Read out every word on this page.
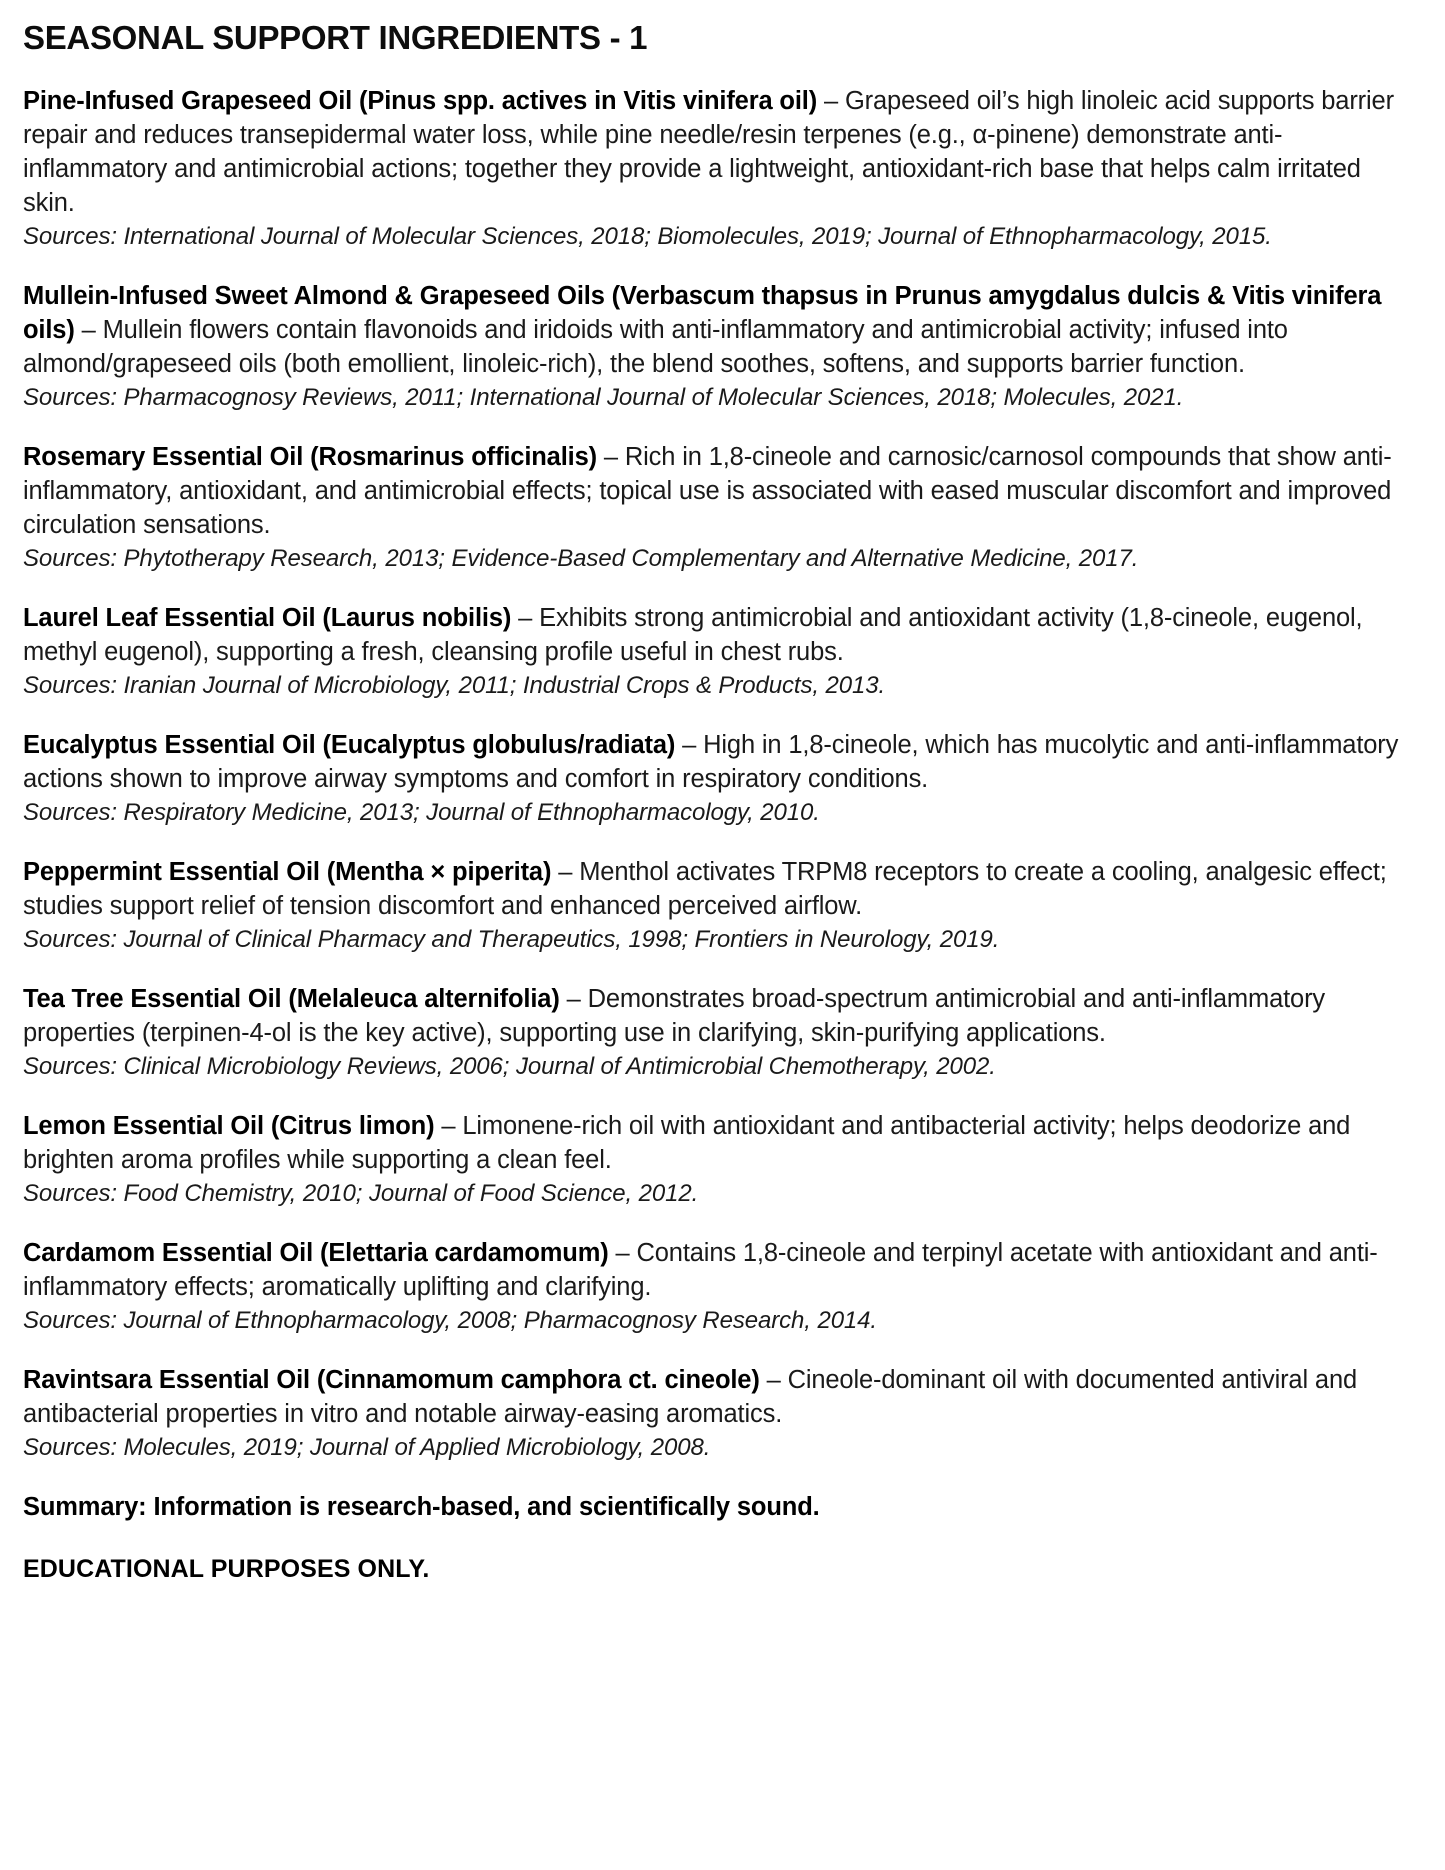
SEASONAL SUPPORT INGREDIENTS - 1

Pine-Infused Grapeseed Oil (Pinus spp. actives in Vitis vinifera oil) – Grapeseed oil’s high linoleic acid supports barrier repair and reduces transepidermal water loss, while pine needle/resin terpenes (e.g., α-pinene) demonstrate anti-inflammatory and antimicrobial actions; together they provide a lightweight, antioxidant-rich base that helps calm irritated skin.

Sources: International Journal of Molecular Sciences, 2018; Biomolecules, 2019; Journal of Ethnopharmacology, 2015.

Mullein-Infused Sweet Almond & Grapeseed Oils (Verbascum thapsus in Prunus amygdalus dulcis & Vitis vinifera oils) – Mullein flowers contain flavonoids and iridoids with anti-inflammatory and antimicrobial activity; infused into almond/grapeseed oils (both emollient, linoleic-rich), the blend soothes, softens, and supports barrier function.

Sources: Pharmacognosy Reviews, 2011; International Journal of Molecular Sciences, 2018; Molecules, 2021.

Rosemary Essential Oil (Rosmarinus officinalis) – Rich in 1,8-cineole and carnosic/carnosol compounds that show anti-inflammatory, antioxidant, and antimicrobial effects; topical use is associated with eased muscular discomfort and improved circulation sensations.

Sources: Phytotherapy Research, 2013; Evidence-Based Complementary and Alternative Medicine, 2017.

Laurel Leaf Essential Oil (Laurus nobilis) – Exhibits strong antimicrobial and antioxidant activity (1,8-cineole, eugenol, methyl eugenol), supporting a fresh, cleansing profile useful in chest rubs.

Sources: Iranian Journal of Microbiology, 2011; Industrial Crops & Products, 2013.

Eucalyptus Essential Oil (Eucalyptus globulus/radiata) – High in 1,8-cineole, which has mucolytic and anti-inflammatory actions shown to improve airway symptoms and comfort in respiratory conditions.

Sources: Respiratory Medicine, 2013; Journal of Ethnopharmacology, 2010.

Peppermint Essential Oil (Mentha × piperita) – Menthol activates TRPM8 receptors to create a cooling, analgesic effect; studies support relief of tension discomfort and enhanced perceived airflow.

Sources: Journal of Clinical Pharmacy and Therapeutics, 1998; Frontiers in Neurology, 2019.

Tea Tree Essential Oil (Melaleuca alternifolia) – Demonstrates broad-spectrum antimicrobial and anti-inflammatory properties (terpinen-4-ol is the key active), supporting use in clarifying, skin-purifying applications.

Sources: Clinical Microbiology Reviews, 2006; Journal of Antimicrobial Chemotherapy, 2002.

Lemon Essential Oil (Citrus limon) – Limonene-rich oil with antioxidant and antibacterial activity; helps deodorize and brighten aroma profiles while supporting a clean feel.

Sources: Food Chemistry, 2010; Journal of Food Science, 2012.

Cardamom Essential Oil (Elettaria cardamomum) – Contains 1,8-cineole and terpinyl acetate with antioxidant and anti-inflammatory effects; aromatically uplifting and clarifying.

Sources: Journal of Ethnopharmacology, 2008; Pharmacognosy Research, 2014.

Ravintsara Essential Oil (Cinnamomum camphora ct. cineole) – Cineole-dominant oil with documented antiviral and antibacterial properties in vitro and notable airway-easing aromatics.

Sources: Molecules, 2019; Journal of Applied Microbiology, 2008.

Summary: Information is research-based, and scientifically sound.

EDUCATIONAL PURPOSES ONLY.
